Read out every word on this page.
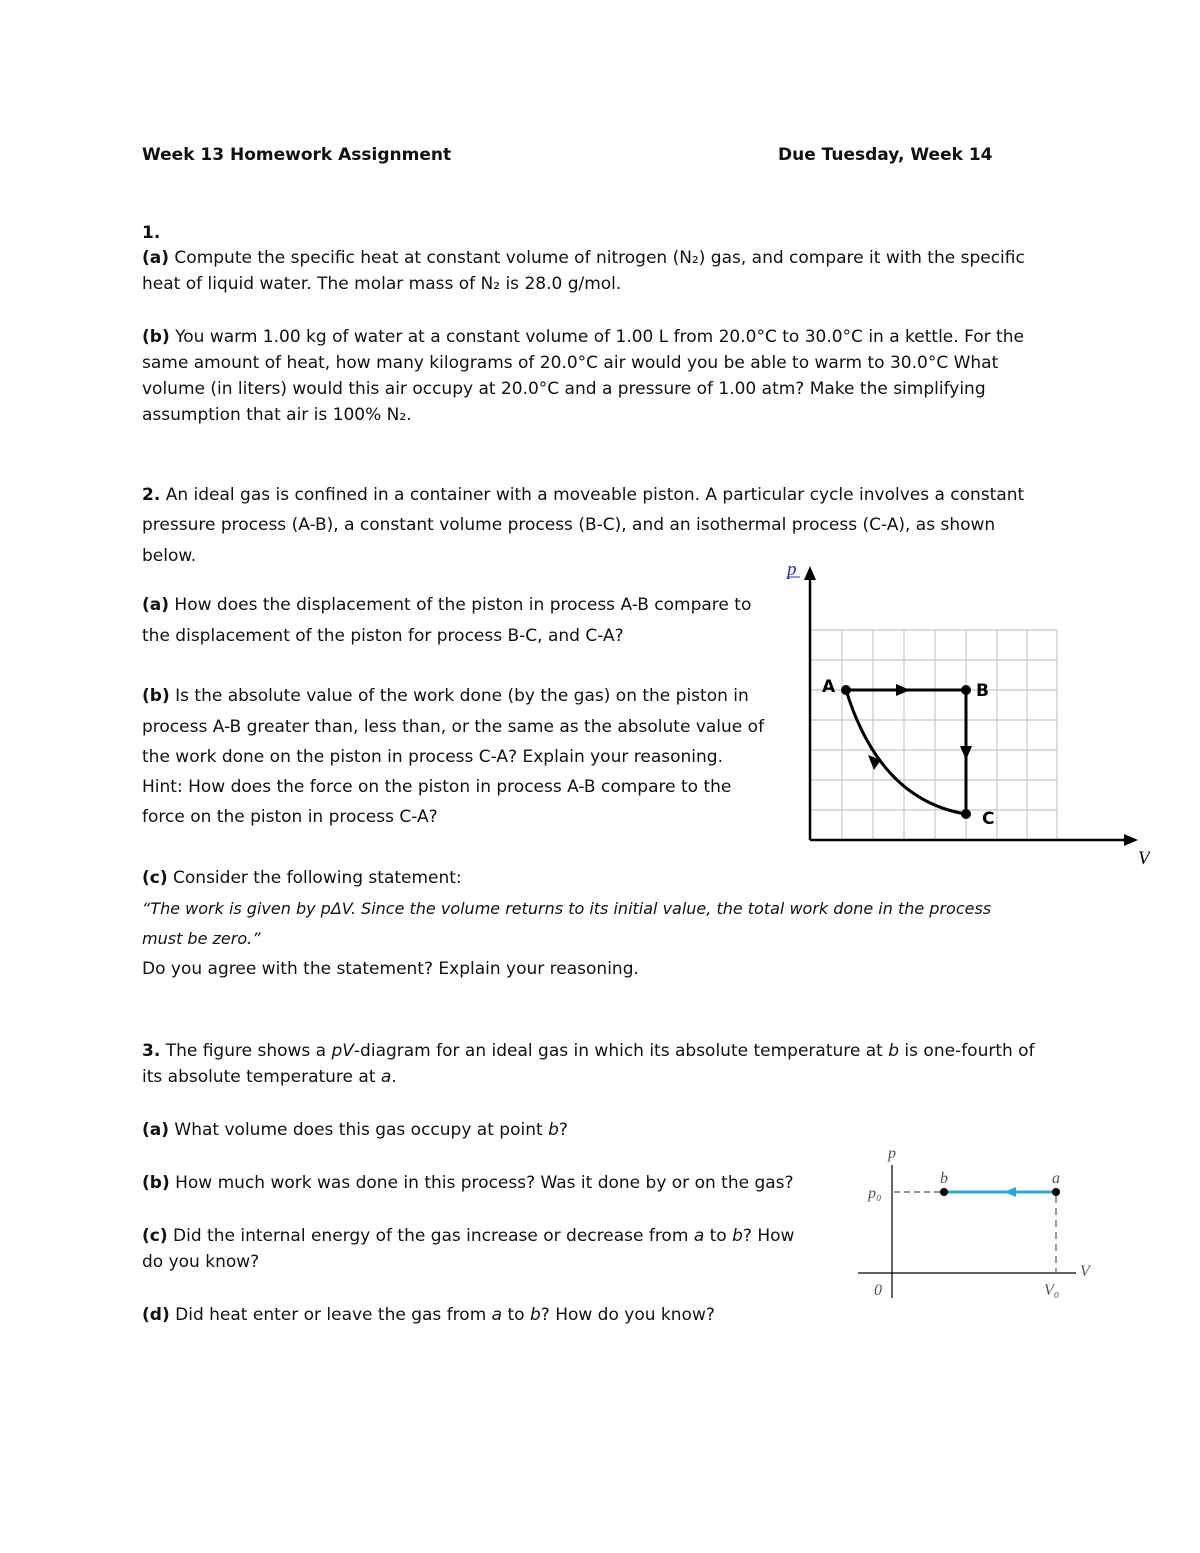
Week 13 Homework Assignment	Due Tuesday, Week 14
1.
(a) Compute the specific heat at constant volume of nitrogen (N₂) gas, and compare it with the specific
heat of liquid water. The molar mass of N₂ is 28.0 g/mol.
(b) You warm 1.00 kg of water at a constant volume of 1.00 L from 20.0°C to 30.0°C in a kettle. For the
same amount of heat, how many kilograms of 20.0°C air would you be able to warm to 30.0°C What
volume (in liters) would this air occupy at 20.0°C and a pressure of 1.00 atm? Make the simplifying
assumption that air is 100% N₂.
2. An ideal gas is confined in a container with a moveable piston. A particular cycle involves a constant
pressure process (A-B), a constant volume process (B-C), and an isothermal process (C-A), as shown
below.
(a) How does the displacement of the piston in process A-B compare to
the displacement of the piston for process B-C, and C-A?
(b) Is the absolute value of the work done (by the gas) on the piston in
process A-B greater than, less than, or the same as the absolute value of
the work done on the piston in process C-A? Explain your reasoning.
Hint: How does the force on the piston in process A-B compare to the
force on the piston in process C-A?
(c) Consider the following statement:
“The work is given by pΔV. Since the volume returns to its initial value, the total work done in the process
must be zero.”
Do you agree with the statement? Explain your reasoning.
p
V
A	B
C
3. The figure shows a pV-diagram for an ideal gas in which its absolute temperature at b is one-fourth of
its absolute temperature at a.
(a) What volume does this gas occupy at point b?
(b) How much work was done in this process? Was it done by or on the gas?
(c) Did the internal energy of the gas increase or decrease from a to b? How
do you know?
(d) Did heat enter or leave the gas from a to b? How do you know?
p
V
p₀
0	V₀
b	a
